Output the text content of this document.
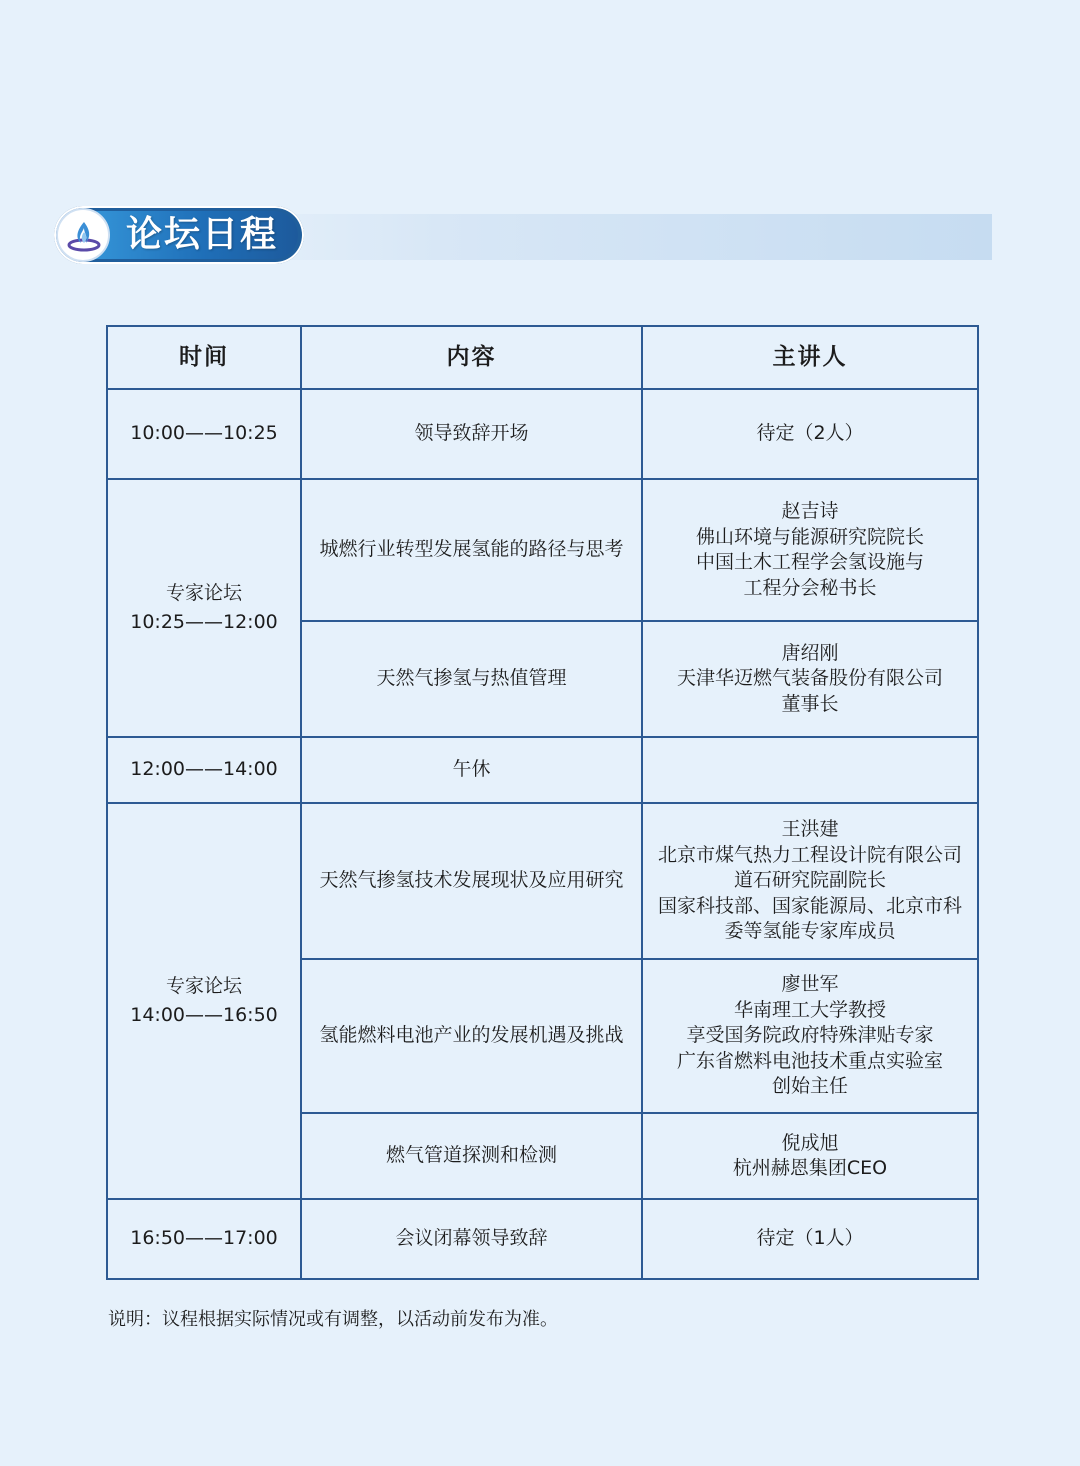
论坛日程
时间	内容	主讲人

10:00——10:25	领导致辞开场	待定（2人）

专家论坛
10:25——12:00	城燃行业转型发展氢能的路径与思考	赵吉诗
佛山环境与能源研究院院长
中国土木工程学会氢设施与
工程分会秘书长

	天然气掺氢与热值管理	唐绍刚
天津华迈燃气装备股份有限公司
董事长

12:00——14:00	午休	

专家论坛
14:00——16:50	天然气掺氢技术发展现状及应用研究	王洪建
北京市煤气热力工程设计院有限公司
道石研究院副院长
国家科技部、国家能源局、北京市科
委等氢能专家库成员

	氢能燃料电池产业的发展机遇及挑战	廖世军
华南理工大学教授
享受国务院政府特殊津贴专家
广东省燃料电池技术重点实验室
创始主任

	燃气管道探测和检测	倪成旭
杭州赫恩集团CEO

16:50——17:00	会议闭幕领导致辞	待定（1人）
说明：议程根据实际情况或有调整，以活动前发布为准。
